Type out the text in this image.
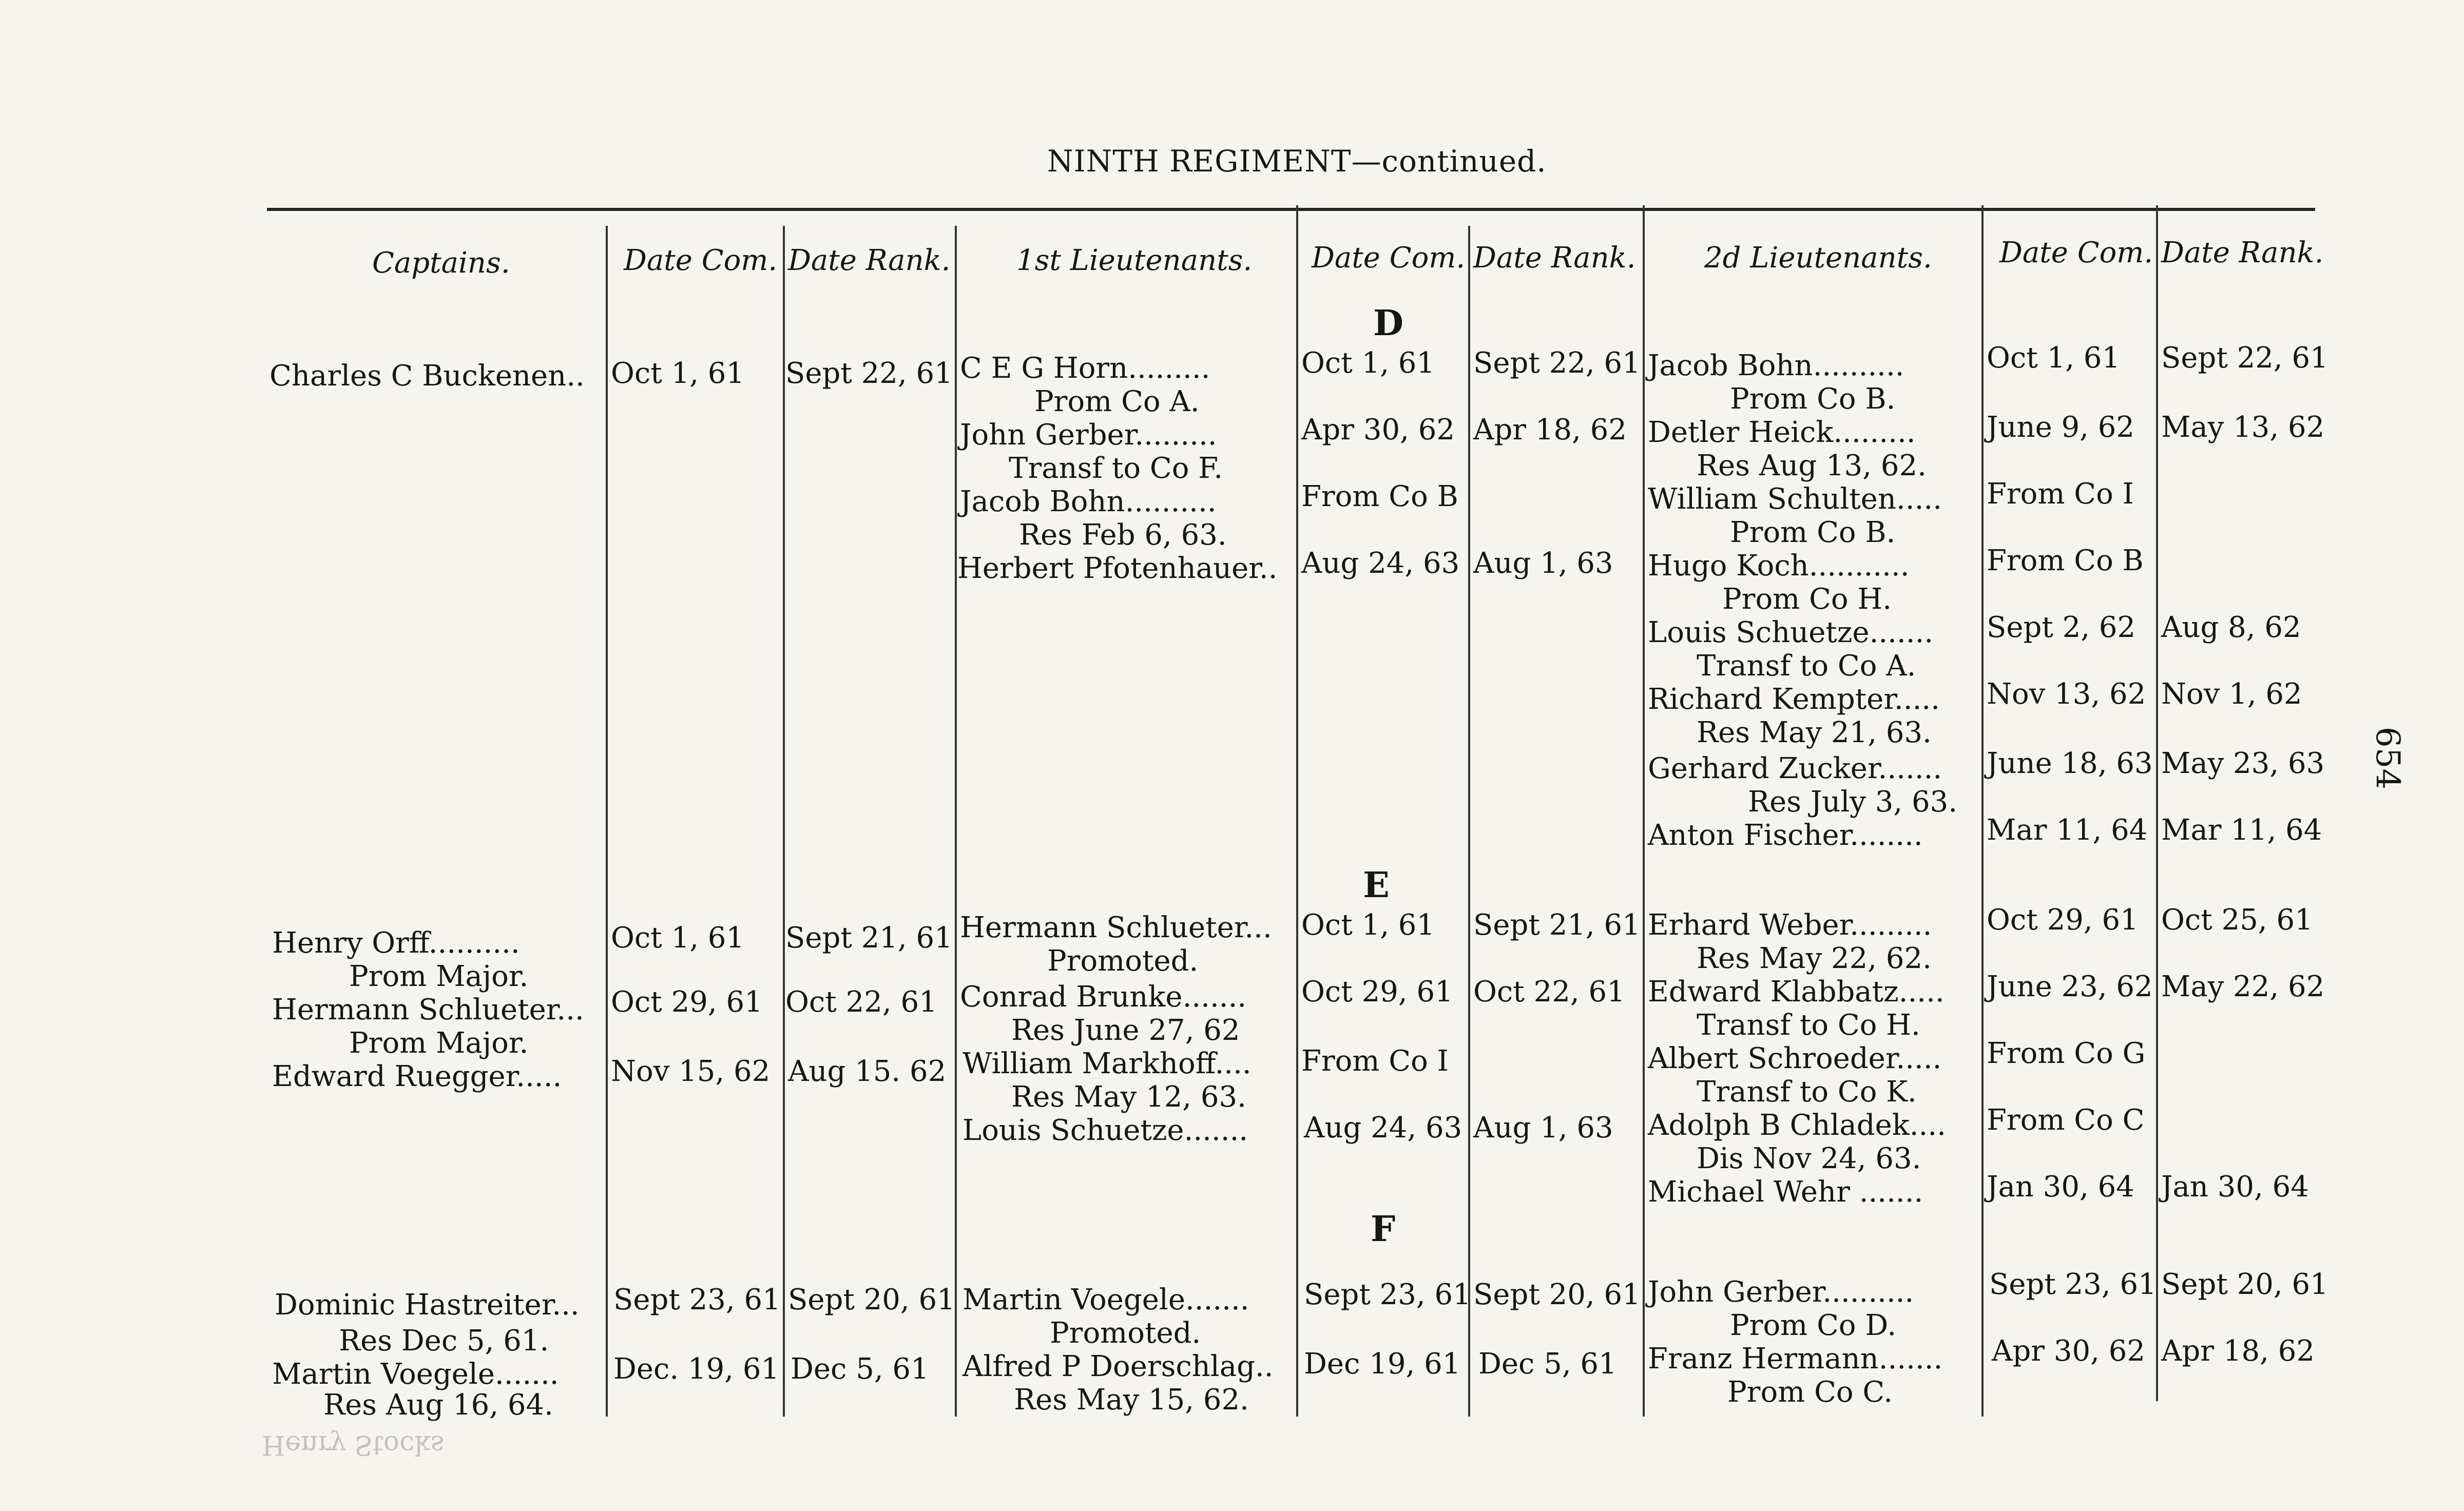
NINTH REGIMENT—continued.
654
Captains.	Date Com. Date Rank. 1st Lieutenants. Date Com. Date Rank. 2d Lieutenants. Date Com. Date Rank.
D
E
F
Charles C Buckenen.. Oct 1, 61 Sept 22, 61
Henry Orff..........	Oct 1, 61 Sept 21, 61
Prom Major.
Hermann Schlueter... Oct 29, 61 Oct 22, 61
Prom Major.
Edward Ruegger..... Nov 15, 62 Aug 15. 62
Dominic Hastreiter... Sept 23, 61 Sept 20, 61
Res Dec 5, 61.
Martin Voegele....... Dec. 19, 61 Dec 5, 61
Res Aug 16, 64.
Henry Stocks
C E G Horn.........
Prom Co A.
Oct 1, 61 Sept 22, 61
John Gerber.........
Transf to Co F.
Apr 30, 62 Apr 18, 62
Jacob Bohn..........
Res Feb 6, 63.
From Co B
Herbert Pfotenhauer.. Aug 24, 63 Aug 1, 63
Hermann Schlueter...
Promoted.
Oct 1, 61 Sept 21, 61
Conrad Brunke.......
Res June 27, 62
Oct 29, 61 Oct 22, 61
William Markhoff....
Res May 12, 63.
From Co I
Louis Schuetze....... Aug 24, 63 Aug 1, 63
Martin Voegele.......
Promoted.
Sept 23, 61 Sept 20, 61
Alfred P Doerschlag..
Res May 15, 62.
Dec 19, 61 Dec 5, 61
Jacob Bohn..........
Prom Co B.
Oct 1, 61 Sept 22, 61
Detler Heick.........
Res Aug 13, 62.
June 9, 62 May 13, 62
William Schulten.....
Prom Co B.
From Co I
Hugo Koch...........
Prom Co H.
From Co B
Louis Schuetze.......
Transf to Co A.
Sept 2, 62 Aug 8, 62
Richard Kempter.....
Res May 21, 63.
Nov 13, 62 Nov 1, 62
Gerhard Zucker.......
Res July 3, 63.
June 18, 63 May 23, 63
Anton Fischer........ Mar 11, 64 Mar 11, 64
Erhard Weber.........
Res May 22, 62.
Oct 29, 61 Oct 25, 61
Edward Klabbatz.....
Transf to Co H.
June 23, 62 May 22, 62
Albert Schroeder.....
Transf to Co K.
From Co G
Adolph B Chladek....
Dis Nov 24, 63.
From Co C
Michael Wehr ....... Jan 30, 64 Jan 30, 64
John Gerber..........
Prom Co D.
Sept 23, 61 Sept 20, 61
Franz Hermann.......
Prom Co C.
Apr 30, 62 Apr 18, 62
